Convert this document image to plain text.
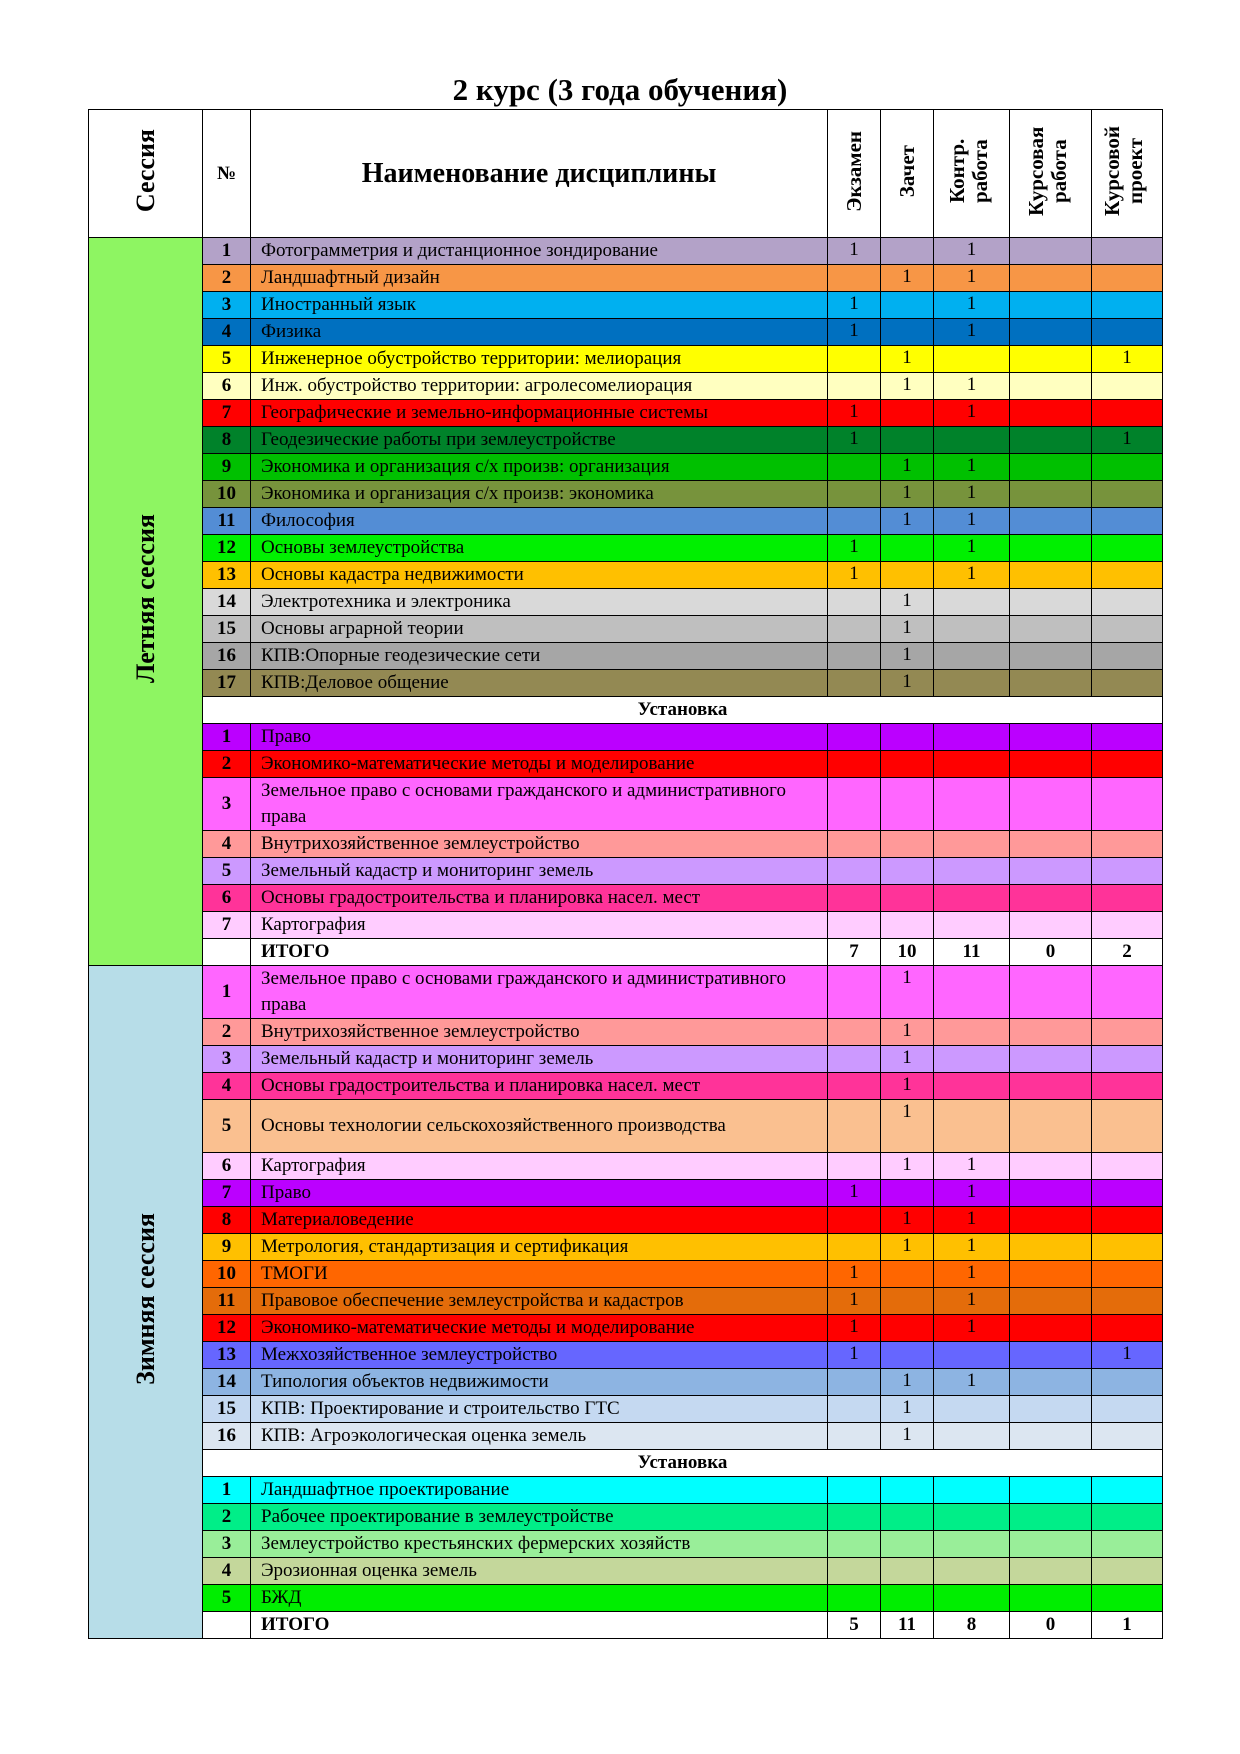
2 курс (3 года обучения)
Сессия	№	Наименование дисциплины	Экзамен	Зачет	Контр. работа	Курсовая работа	Курсовой проект
Летняя сессия	1	Фотограмметрия и дистанционное зондирование	1		1		
	2	Ландшафтный дизайн		1	1		
	3	Иностранный язык	1		1		
	4	Физика	1		1		
	5	Инженерное обустройство территории: мелиорация		1			1
	6	Инж. обустройство территории: агролесомелиорация		1	1		
	7	Географические и земельно-информационные системы	1		1		
	8	Геодезические работы при землеустройстве	1				1
	9	Экономика и организация с/х произв: организация		1	1		
	10	Экономика и организация с/х произв: экономика		1	1		
	11	Философия		1	1		
	12	Основы землеустройства	1		1		
	13	Основы кадастра недвижимости	1		1		
	14	Электротехника и электроника		1			
	15	Основы аграрной теории		1			
	16	КПВ:Опорные геодезические сети		1			
	17	КПВ:Деловое общение		1			
	Установка						
	1	Право					
	2	Экономико-математические методы и моделирование					
	3	Земельное право с основами гражданского и административного права					
	4	Внутрихозяйственное землеустройство					
	5	Земельный кадастр и мониторинг земель					
	6	Основы градостроительства и планировка насел. мест					
	7	Картография					
		ИТОГО	7	10	11	0	2
Зимняя сессия	1	Земельное право с основами гражданского и административного права		1			
	2	Внутрихозяйственное землеустройство		1			
	3	Земельный кадастр и мониторинг земель		1			
	4	Основы градостроительства и планировка насел. мест		1			
	5	Основы технологии сельскохозяйственного производства		1			
	6	Картография		1	1		
	7	Право	1		1		
	8	Материаловедение		1	1		
	9	Метрология, стандартизация и сертификация		1	1		
	10	ТМОГИ	1		1		
	11	Правовое обеспечение землеустройства и кадастров	1		1		
	12	Экономико-математические методы и моделирование	1		1		
	13	Межхозяйственное землеустройство	1				1
	14	Типология объектов недвижимости		1	1		
	15	КПВ: Проектирование и строительство ГТС		1			
	16	КПВ: Агроэкологическая оценка земель		1			
	Установка						
	1	Ландшафтное проектирование					
	2	Рабочее проектирование в землеустройстве					
	3	Землеустройство крестьянских фермерских хозяйств					
	4	Эрозионная оценка земель					
	5	БЖД					
		ИТОГО	5	11	8	0	1
